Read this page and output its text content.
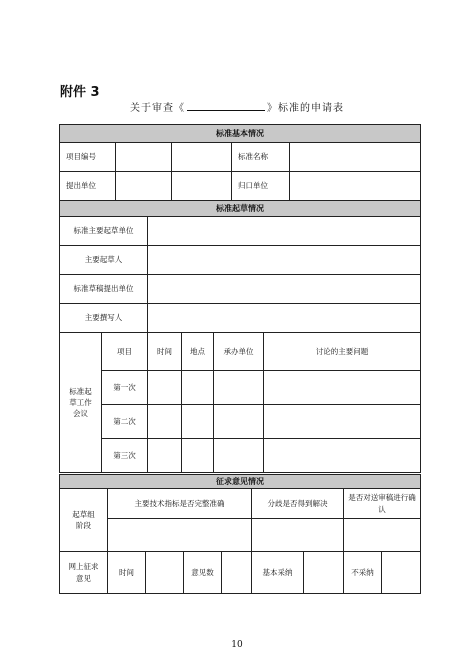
附件 3
关于审查《	》标准的申请表
标准基本情况				
项目编号			标准名称	
提出单位			归口单位	
标准起草情况					
标准主要起草单位					
主要起草人					
标准草稿提出单位					
主要撰写人					
标准起草工作会议	项目	时间	地点	承办单位	讨论的主要问题
	第一次				
	第二次				
	第三次				
征求意见情况								
起草组阶段	主要技术指标是否完整准确				分歧是否得到解决		是否对送审稿进行确认	

网上征求意见	时间		意见数		基本采纳		不采纳	
10
